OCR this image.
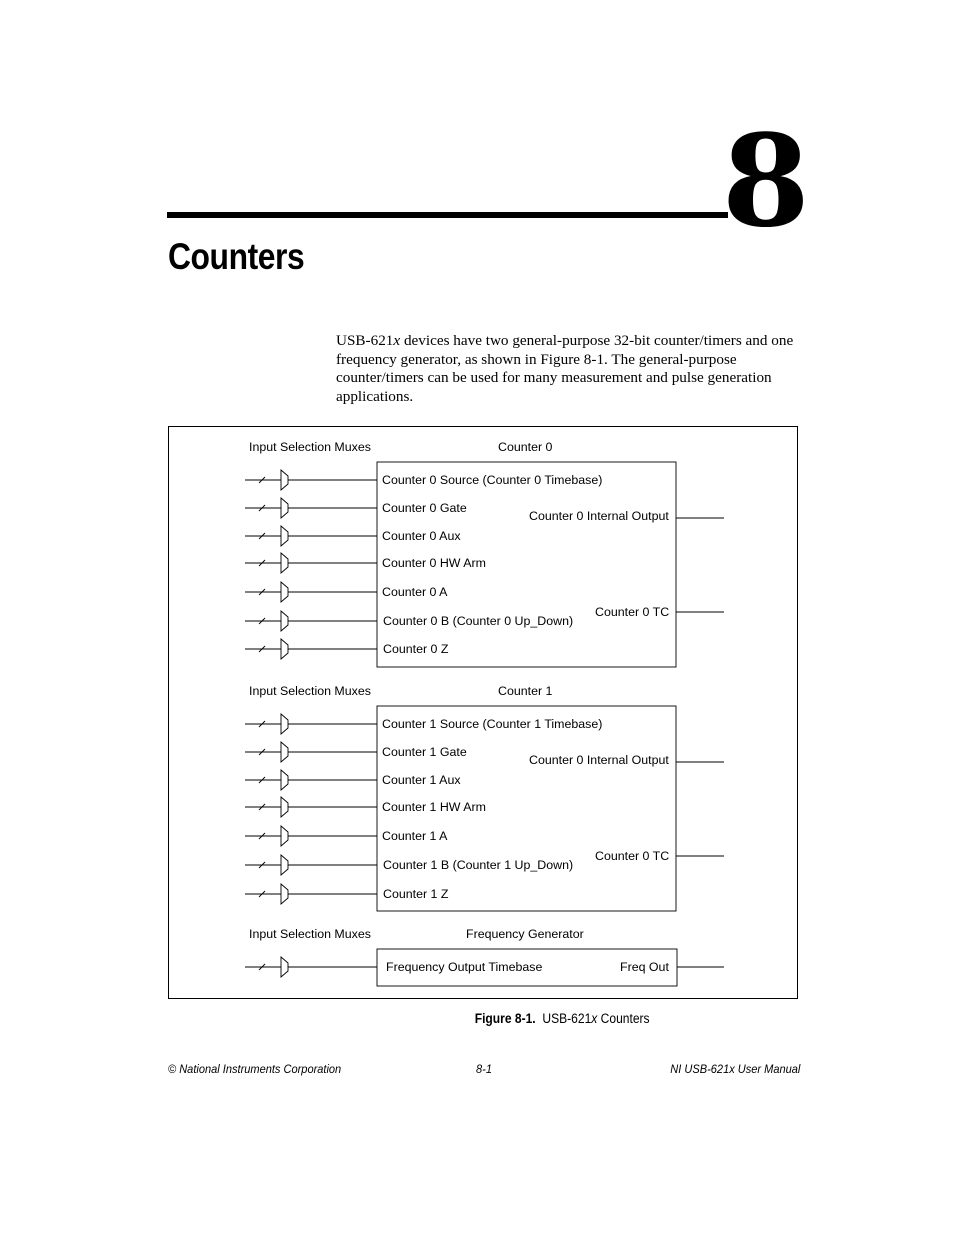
8
Counters
USB-621x devices have two general-purpose 32-bit counter/timers and one frequency generator, as shown in Figure 8-1. The general-purpose counter/timers can be used for many measurement and pulse generation applications.
Input Selection Muxes	Counter 0
Counter 0 Source (Counter 0 Timebase)
Counter 0 Gate
Counter 0 Aux
Counter 0 HW Arm
Counter 0 A
Counter 0 B (Counter 0 Up_Down)
Counter 0 Z
Counter 0 Internal Output
Counter 0 TC
Input Selection Muxes	Counter 1
Counter 1 Source (Counter 1 Timebase)
Counter 1 Gate
Counter 1 Aux
Counter 1 HW Arm
Counter 1 A
Counter 1 B (Counter 1 Up_Down)
Counter 1 Z
Counter 0 Internal Output
Counter 0 TC
Input Selection Muxes	Frequency Generator
Frequency Output Timebase	Freq Out
Figure 8-1. USB-621x Counters
© National Instruments Corporation	8-1	NI USB-621x User Manual
